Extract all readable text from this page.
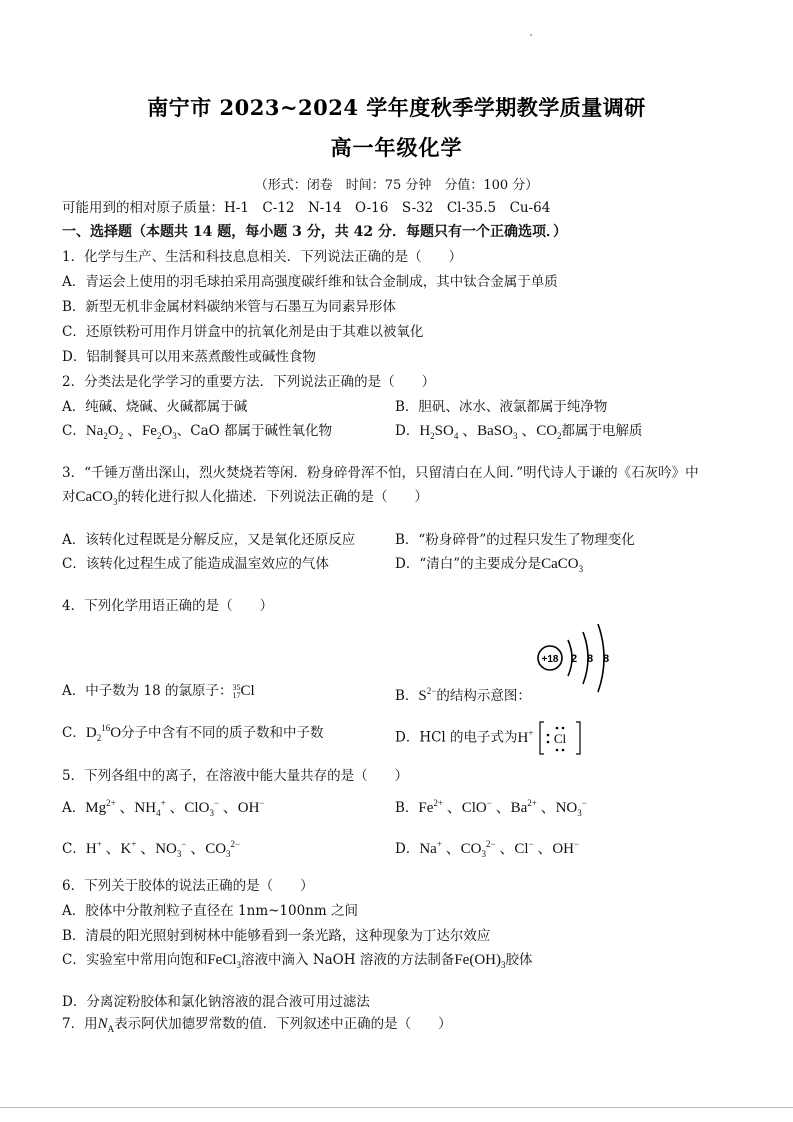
南宁市 2023~2024 学年度秋季学期教学质量调研
高一年级化学
（形式：闭卷　时间：75 分钟　分值：100 分）
可能用到的相对原子质量：H-1　C-12　N-14　O-16　S-32　Cl-35.5　Cu-64
一、选择题（本题共 14 题，每小题 3 分，共 42 分．每题只有一个正确选项．）
1．化学与生产、生活和科技息息相关．下列说法正确的是（　　）
A．青运会上使用的羽毛球拍采用高强度碳纤维和钛合金制成，其中钛合金属于单质
B．新型无机非金属材料碳纳米管与石墨互为同素异形体
C．还原铁粉可用作月饼盒中的抗氧化剂是由于其难以被氧化
D．铝制餐具可以用来蒸煮酸性或碱性食物
2．分类法是化学学习的重要方法．下列说法正确的是（　　）
A．纯碱、烧碱、火碱都属于碱	B．胆矾、冰水、液氯都属于纯净物
C．$Na_2O_2$ 、$Fe_2O_3$、CaO 都属于碱性氧化物	D．$H_2SO_4$ 、BaSO$_3$ 、$CO_2$都属于电解质
3．“千锤万凿出深山，烈火焚烧若等闲．粉身碎骨浑不怕，只留清白在人间．”明代诗人于谦的《石灰吟》中
对CaCO$_3$的转化进行拟人化描述．下列说法正确的是（　　）
A．该转化过程既是分解反应，又是氧化还原反应	B．“粉身碎骨”的过程只发生了物理变化
C．该转化过程生成了能造成温室效应的气体	D．“清白”的主要成分是CaCO$_3$
4．下列化学用语正确的是（　　）
+18 2 8 8
A．中子数为 18 的氯原子：35
17Cl	B．$S^{2-}$的结构示意图：
C．$D_2^{16}O$分子中含有不同的质子数和中子数	D．HCl 的电子式为H+ Cl
5．下列各组中的离子，在溶液中能大量共存的是（　　）
A．$Mg^{2+}$ 、$NH_4^+$ 、ClO$_3$− 、OH−	B．$Fe^{2+}$ 、ClO− 、$Ba^{2+}$ 、$NO_3^-$
C．H+ 、K+ 、$NO_3^-$ 、$CO_3^{2-}$	D．Na+ 、$CO_3^{2-}$ 、Cl− 、OH−
6．下列关于胶体的说法正确的是（　　）
A．胶体中分散剂粒子直径在 1nm~100nm 之间
B．清晨的阳光照射到树林中能够看到一条光路，这种现象为丁达尔效应
C．实验室中常用向饱和FeCl$_3$溶液中滴入 NaOH 溶液的方法制备$Fe(OH)_3$胶体
D．分离淀粉胶体和氯化钠溶液的混合液可用过滤法
7．用$N_A$表示阿伏加德罗常数的值．下列叙述中正确的是（　　）
